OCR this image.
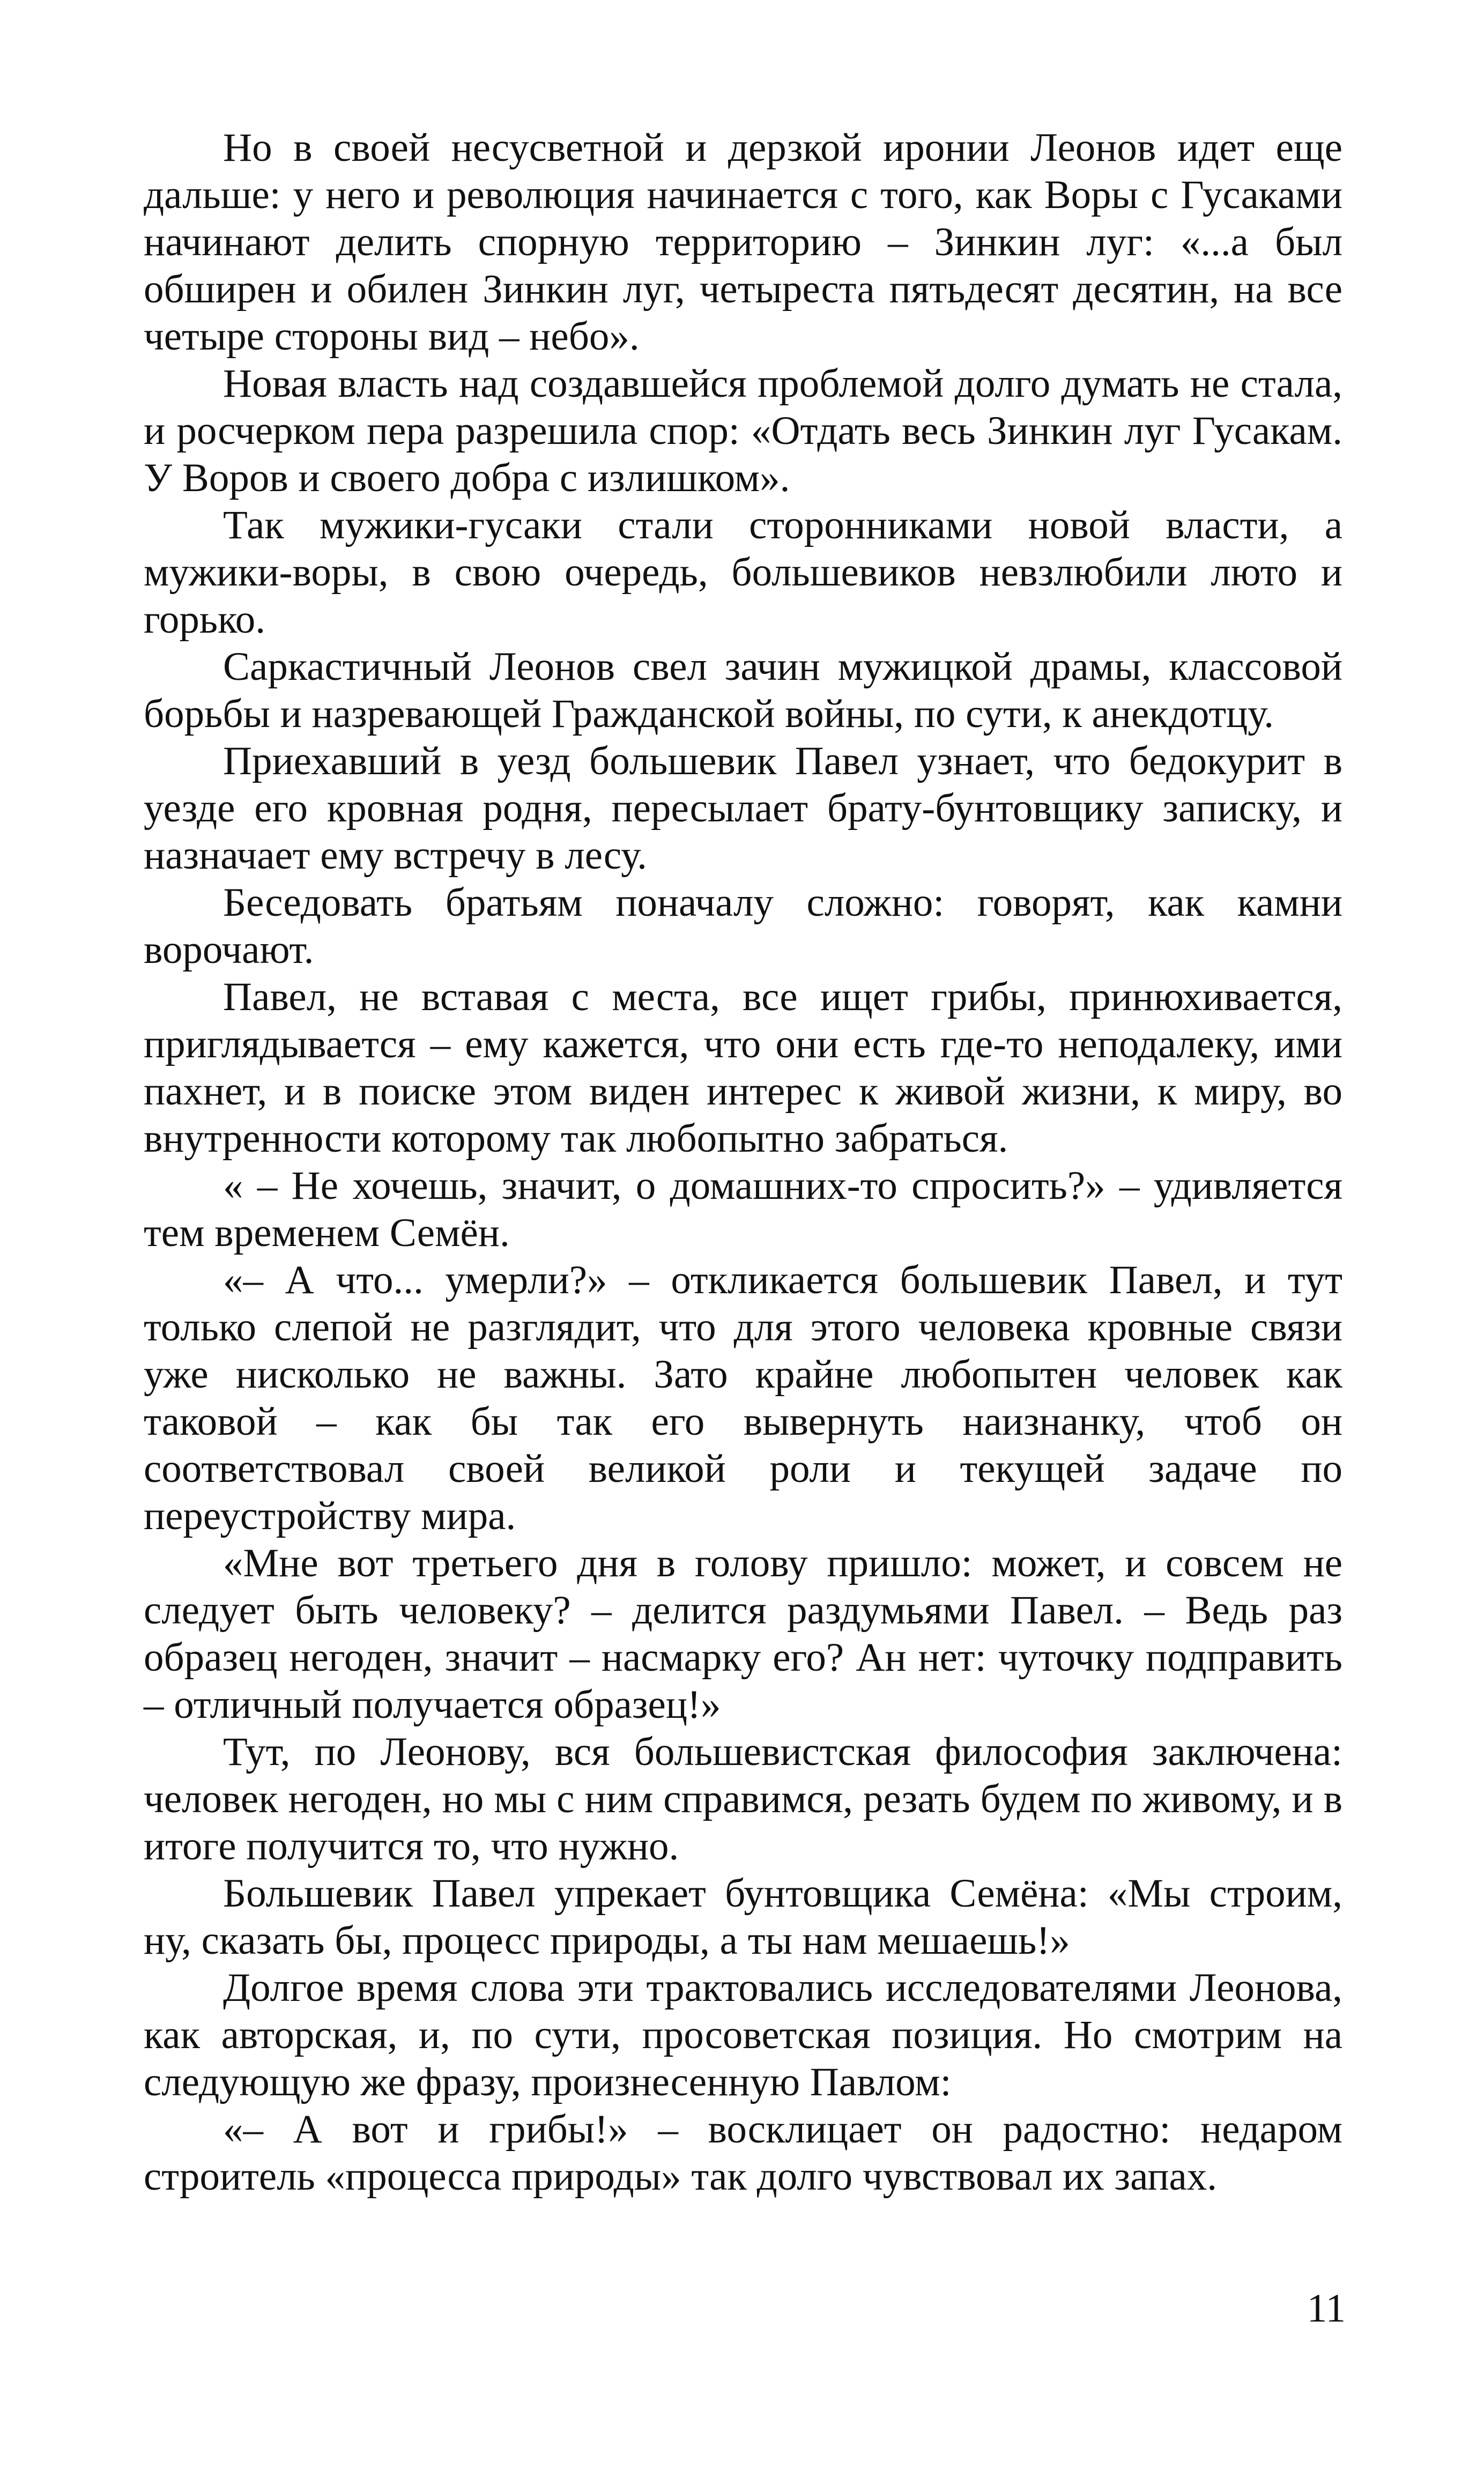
Но в своей несусветной и дерзкой иронии Леонов идет еще дальше: у него и революция начинается с того, как Воры с Гусаками начинают делить спорную территорию – Зинкин луг: «...а был обширен и обилен Зинкин луг, четыреста пятьдесят десятин, на все четыре стороны вид – небо».

Новая власть над создавшейся проблемой долго думать не стала, и росчерком пера разрешила спор: «Отдать весь Зинкин луг Гусакам. У Воров и своего добра с излишком».

Так мужики-гусаки стали сторонниками новой власти, а мужики-воры, в свою очередь, большевиков невзлюбили люто и горько.

Саркастичный Леонов свел зачин мужицкой драмы, классовой борьбы и назревающей Гражданской войны, по сути, к анекдотцу.

Приехавший в уезд большевик Павел узнает, что бедокурит в уезде его кровная родня, пересылает брату-бунтовщику записку, и назначает ему встречу в лесу.

Беседовать братьям поначалу сложно: говорят, как камни ворочают.

Павел, не вставая с места, все ищет грибы, принюхивается, приглядывается – ему кажется, что они есть где-то неподалеку, ими пахнет, и в поиске этом виден интерес к живой жизни, к миру, во внутренности которому так любопытно забраться.

« – Не хочешь, значит, о домашних-то спросить?» – удивляется тем временем Семён.

«– А что... умерли?» – откликается большевик Павел, и тут только слепой не разглядит, что для этого человека кровные связи уже нисколько не важны. Зато крайне любопытен человек как таковой – как бы так его вывернуть наизнанку, чтоб он соответствовал своей великой роли и текущей задаче по переустройству мира.

«Мне вот третьего дня в голову пришло: может, и совсем не следует быть человеку? – делится раздумьями Павел. – Ведь раз образец негоден, значит – насмарку его? Ан нет: чуточку подправить – отличный получается образец!»

Тут, по Леонову, вся большевистская философия заключена: человек негоден, но мы с ним справимся, резать будем по живому, и в итоге получится то, что нужно.

Большевик Павел упрекает бунтовщика Семёна: «Мы строим, ну, сказать бы, процесс природы, а ты нам мешаешь!»

Долгое время слова эти трактовались исследователями Леонова, как авторская, и, по сути, просоветская позиция. Но смотрим на следующую же фразу, произнесенную Павлом:

«– А вот и грибы!» – восклицает он радостно: недаром строитель «процесса природы» так долго чувствовал их запах.

11
